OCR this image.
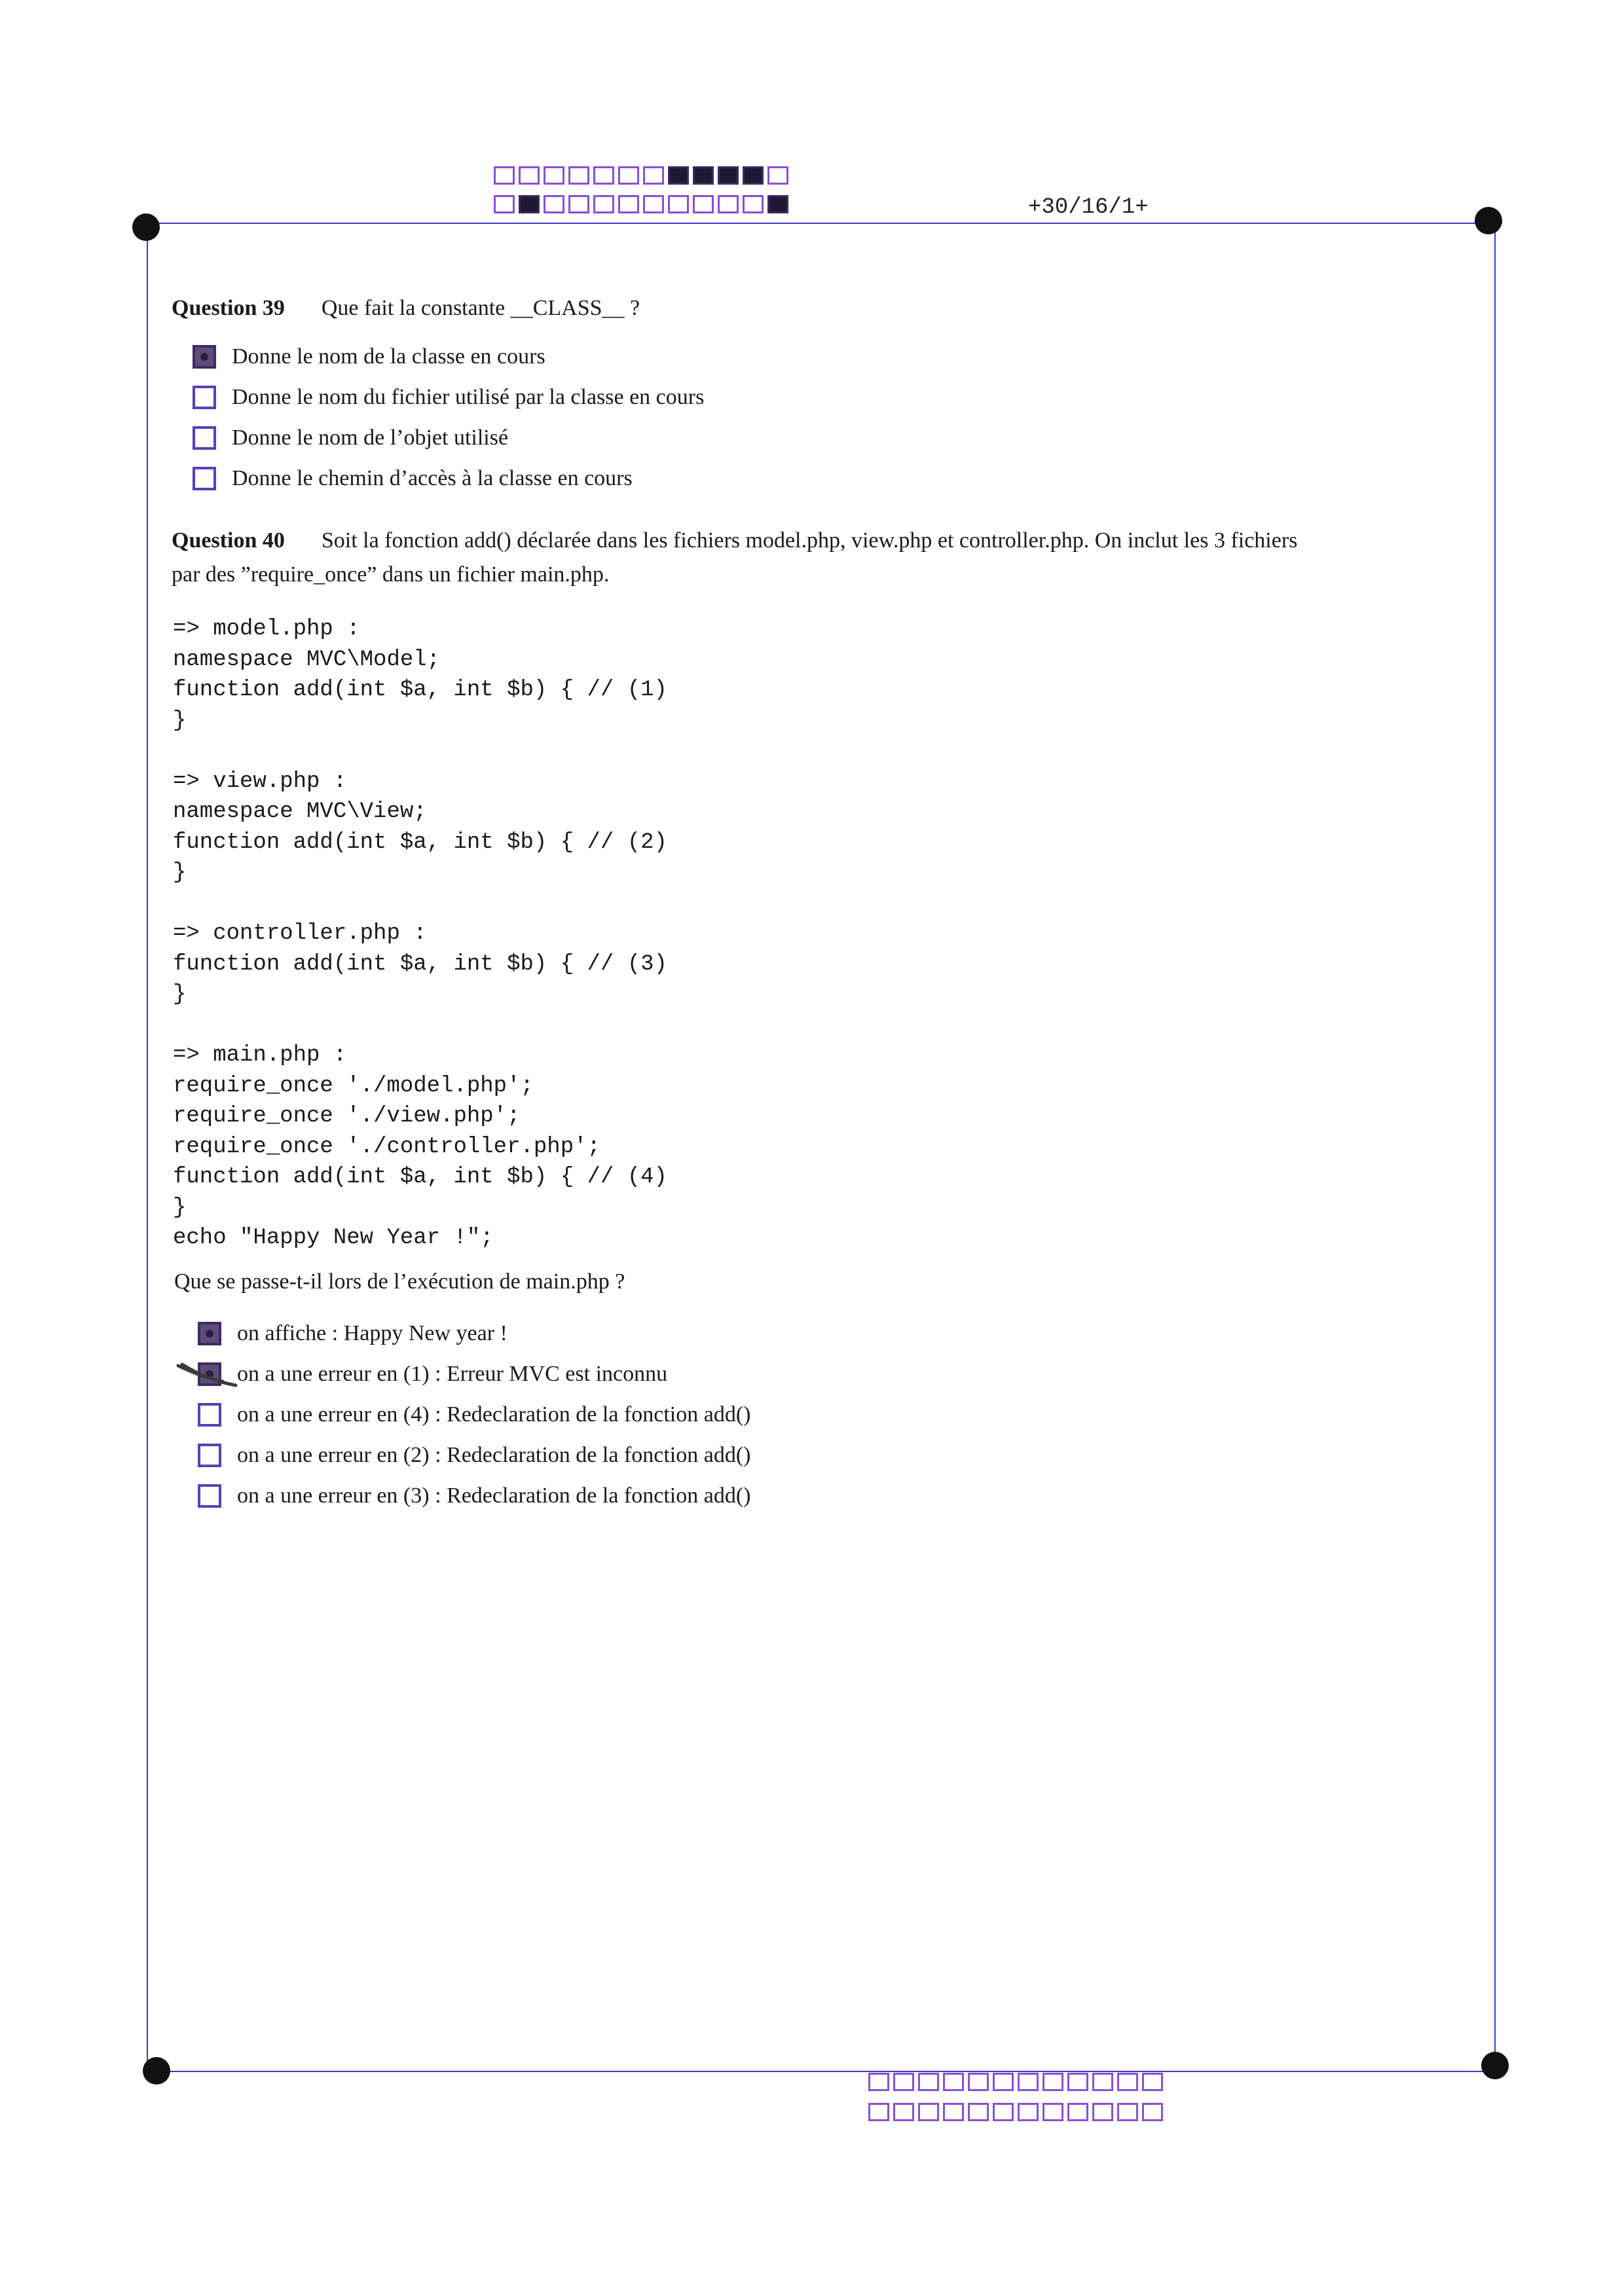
+30/16/1+
Question 39 Que fait la constante __CLASS__ ?
Donne le nom de la classe en cours
Donne le nom du fichier utilisé par la classe en cours
Donne le nom de l’objet utilisé
Donne le chemin d’accès à la classe en cours
Question 40 Soit la fonction add() déclarée dans les fichiers model.php, view.php et controller.php. On inclut les 3 fichiers
par des ”require_once” dans un fichier main.php.
=> model.php :
namespace MVC\Model;
function add(int $a, int $b) { // (1)
}
=> view.php :
namespace MVC\View;
function add(int $a, int $b) { // (2)
}
=> controller.php :
function add(int $a, int $b) { // (3)
}
=> main.php :
require_once './model.php';
require_once './view.php';
require_once './controller.php';
function add(int $a, int $b) { // (4)
}
echo "Happy New Year !";
Que se passe-t-il lors de l’exécution de main.php ?
on affiche : Happy New year !
on a une erreur en (1) : Erreur MVC est inconnu
on a une erreur en (4) : Redeclaration de la fonction add()
on a une erreur en (2) : Redeclaration de la fonction add()
on a une erreur en (3) : Redeclaration de la fonction add()
